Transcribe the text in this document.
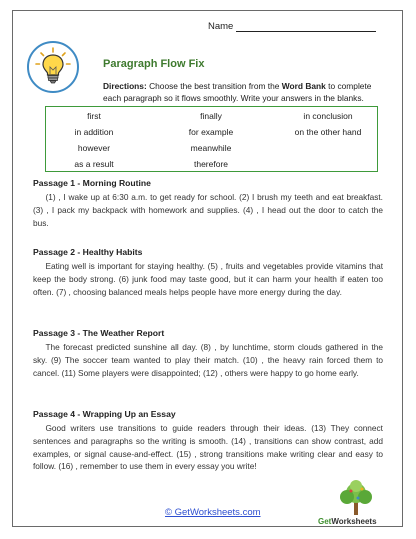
Name
Paragraph Flow Fix
Directions: Choose the best transition from the Word Bank to complete each paragraph so it flows smoothly. Write your answers in the blanks.
first	finally	in conclusion
in addition	for example	on the other hand
however	meanwhile
as a result	therefore
Passage 1 - Morning Routine
  (1) , I wake up at 6:30 a.m. to get ready for school. (2) I brush my teeth and eat breakfast. (3) , I pack my backpack with homework and supplies. (4) , I head out the door to catch the bus.
Passage 2 - Healthy Habits
  Eating well is important for staying healthy. (5) , fruits and vegetables provide vitamins that keep the body strong. (6) junk food may taste good, but it can harm your health if eaten too often. (7) , choosing balanced meals helps people have more energy during the day.
Passage 3 - The Weather Report
  The forecast predicted sunshine all day. (8) , by lunchtime, storm clouds gathered in the sky. (9) The soccer team wanted to play their match. (10) , the heavy rain forced them to cancel. (11) Some players were disappointed; (12) , others were happy to go home early.
Passage 4 - Wrapping Up an Essay
  Good writers use transitions to guide readers through their ideas. (13) They connect sentences and paragraphs so the writing is smooth. (14) , transitions can show contrast, add examples, or signal cause-and-effect. (15) , strong transitions make writing clear and easy to follow. (16) , remember to use them in every essay you write!
© GetWorksheets.com
GetWorksheets
